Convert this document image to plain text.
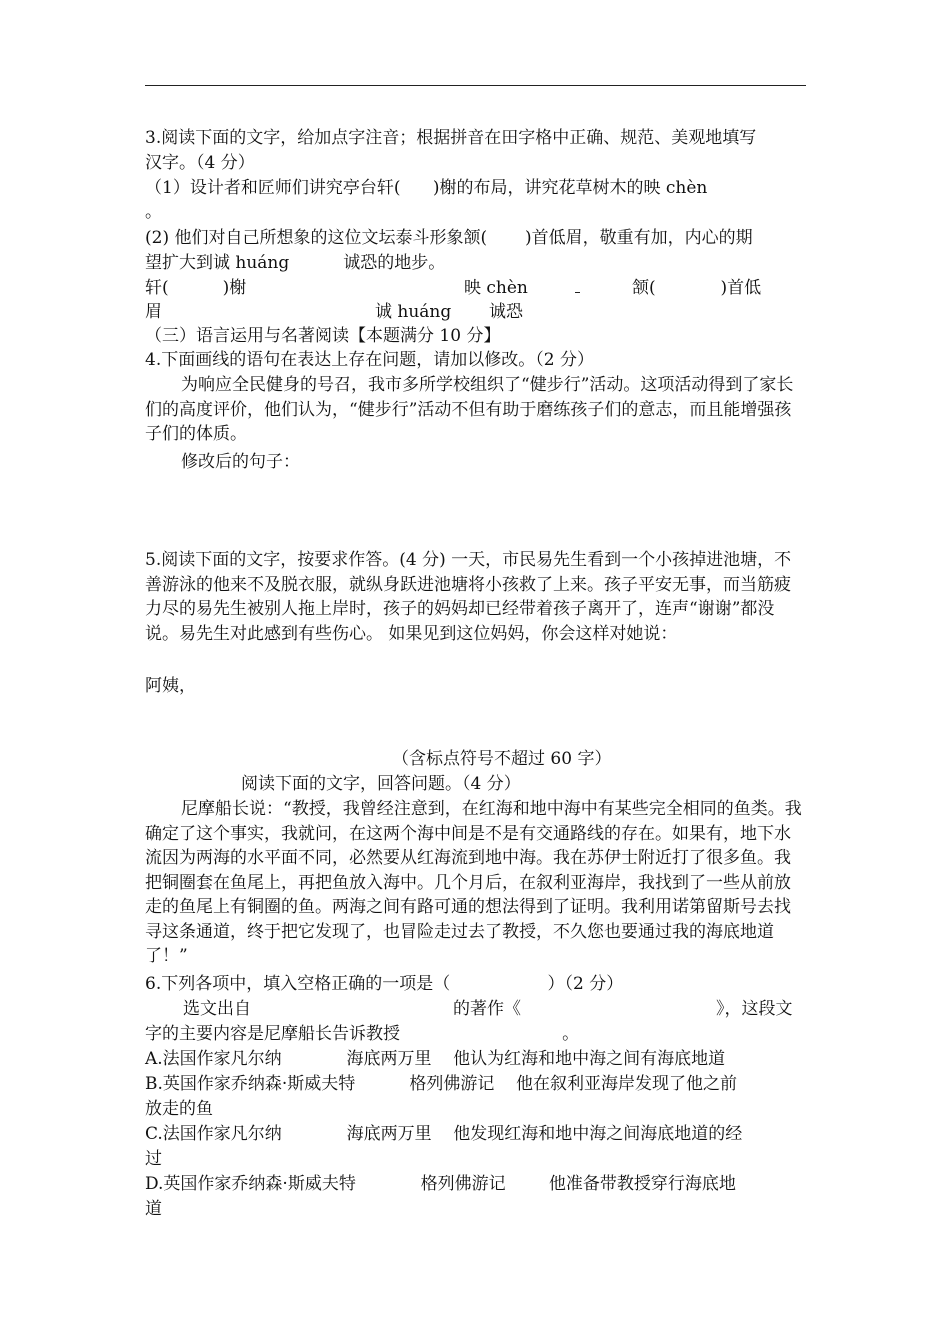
3.阅读下面的文字，给加点字注音；根据拼音在田字格中正确、规范、美观地填写
汉字。（4 分）
（1）设计者和匠师们讲究亭台轩(      )榭的布局，讲究花草树木的映 chèn
。
(2) 他们对自己所想象的这位文坛泰斗形象颔(       )首低眉，敬重有加，内心的期
望扩大到诚 huáng          诚恐的地步。
轩(          )榭	映 chèn	颔(            )首低
眉	诚 huáng 诚恐
（三）语言运用与名著阅读【本题满分 10 分】
4.下面画线的语句在表达上存在问题，请加以修改。（2 分）
为响应全民健身的号召，我市多所学校组织了“健步行”活动。这项活动得到了家长们的高度评价，他们认为，“健步行”活动不但有助于磨练孩子们的意志，而且能增强孩子们的体质。
修改后的句子：
5.阅读下面的文字，按要求作答。(4 分) 一天，市民易先生看到一个小孩掉进池塘，不善游泳的他来不及脱衣服，就纵身跃进池塘将小孩救了上来。孩子平安无事，而当筋疲力尽的易先生被别人拖上岸时，孩子的妈妈却已经带着孩子离开了，连声“谢谢”都没说。易先生对此感到有些伤心。 如果见到这位妈妈，你会这样对她说：
阿姨，
（含标点符号不超过 60 字）
阅读下面的文字，回答问题。（4 分）
尼摩船长说：“教授，我曾经注意到，在红海和地中海中有某些完全相同的鱼类。我确定了这个事实，我就问，在这两个海中间是不是有交通路线的存在。如果有，地下水流因为两海的水平面不同，必然要从红海流到地中海。我在苏伊士附近打了很多鱼。我把铜圈套在鱼尾上，再把鱼放入海中。几个月后，在叙利亚海岸，我找到了一些从前放走的鱼尾上有铜圈的鱼。两海之间有路可通的想法得到了证明。我利用诺第留斯号去找寻这条通道，终于把它发现了，也冒险走过去了教授，不久您也要通过我的海底地道了！”
6.下列各项中，填入空格正确的一项是（                  ）（2 分）
选文出自	的著作《	》，这段文
字的主要内容是尼摩船长告诉教授                              。
A.法国作家凡尔纳            海底两万里    他认为红海和地中海之间有海底地道
B.英国作家乔纳森·斯威夫特          格列佛游记    他在叙利亚海岸发现了他之前
放走的鱼
C.法国作家凡尔纳            海底两万里    他发现红海和地中海之间海底地道的经
过
D.英国作家乔纳森·斯威夫特            格列佛游记        他准备带教授穿行海底地
道
